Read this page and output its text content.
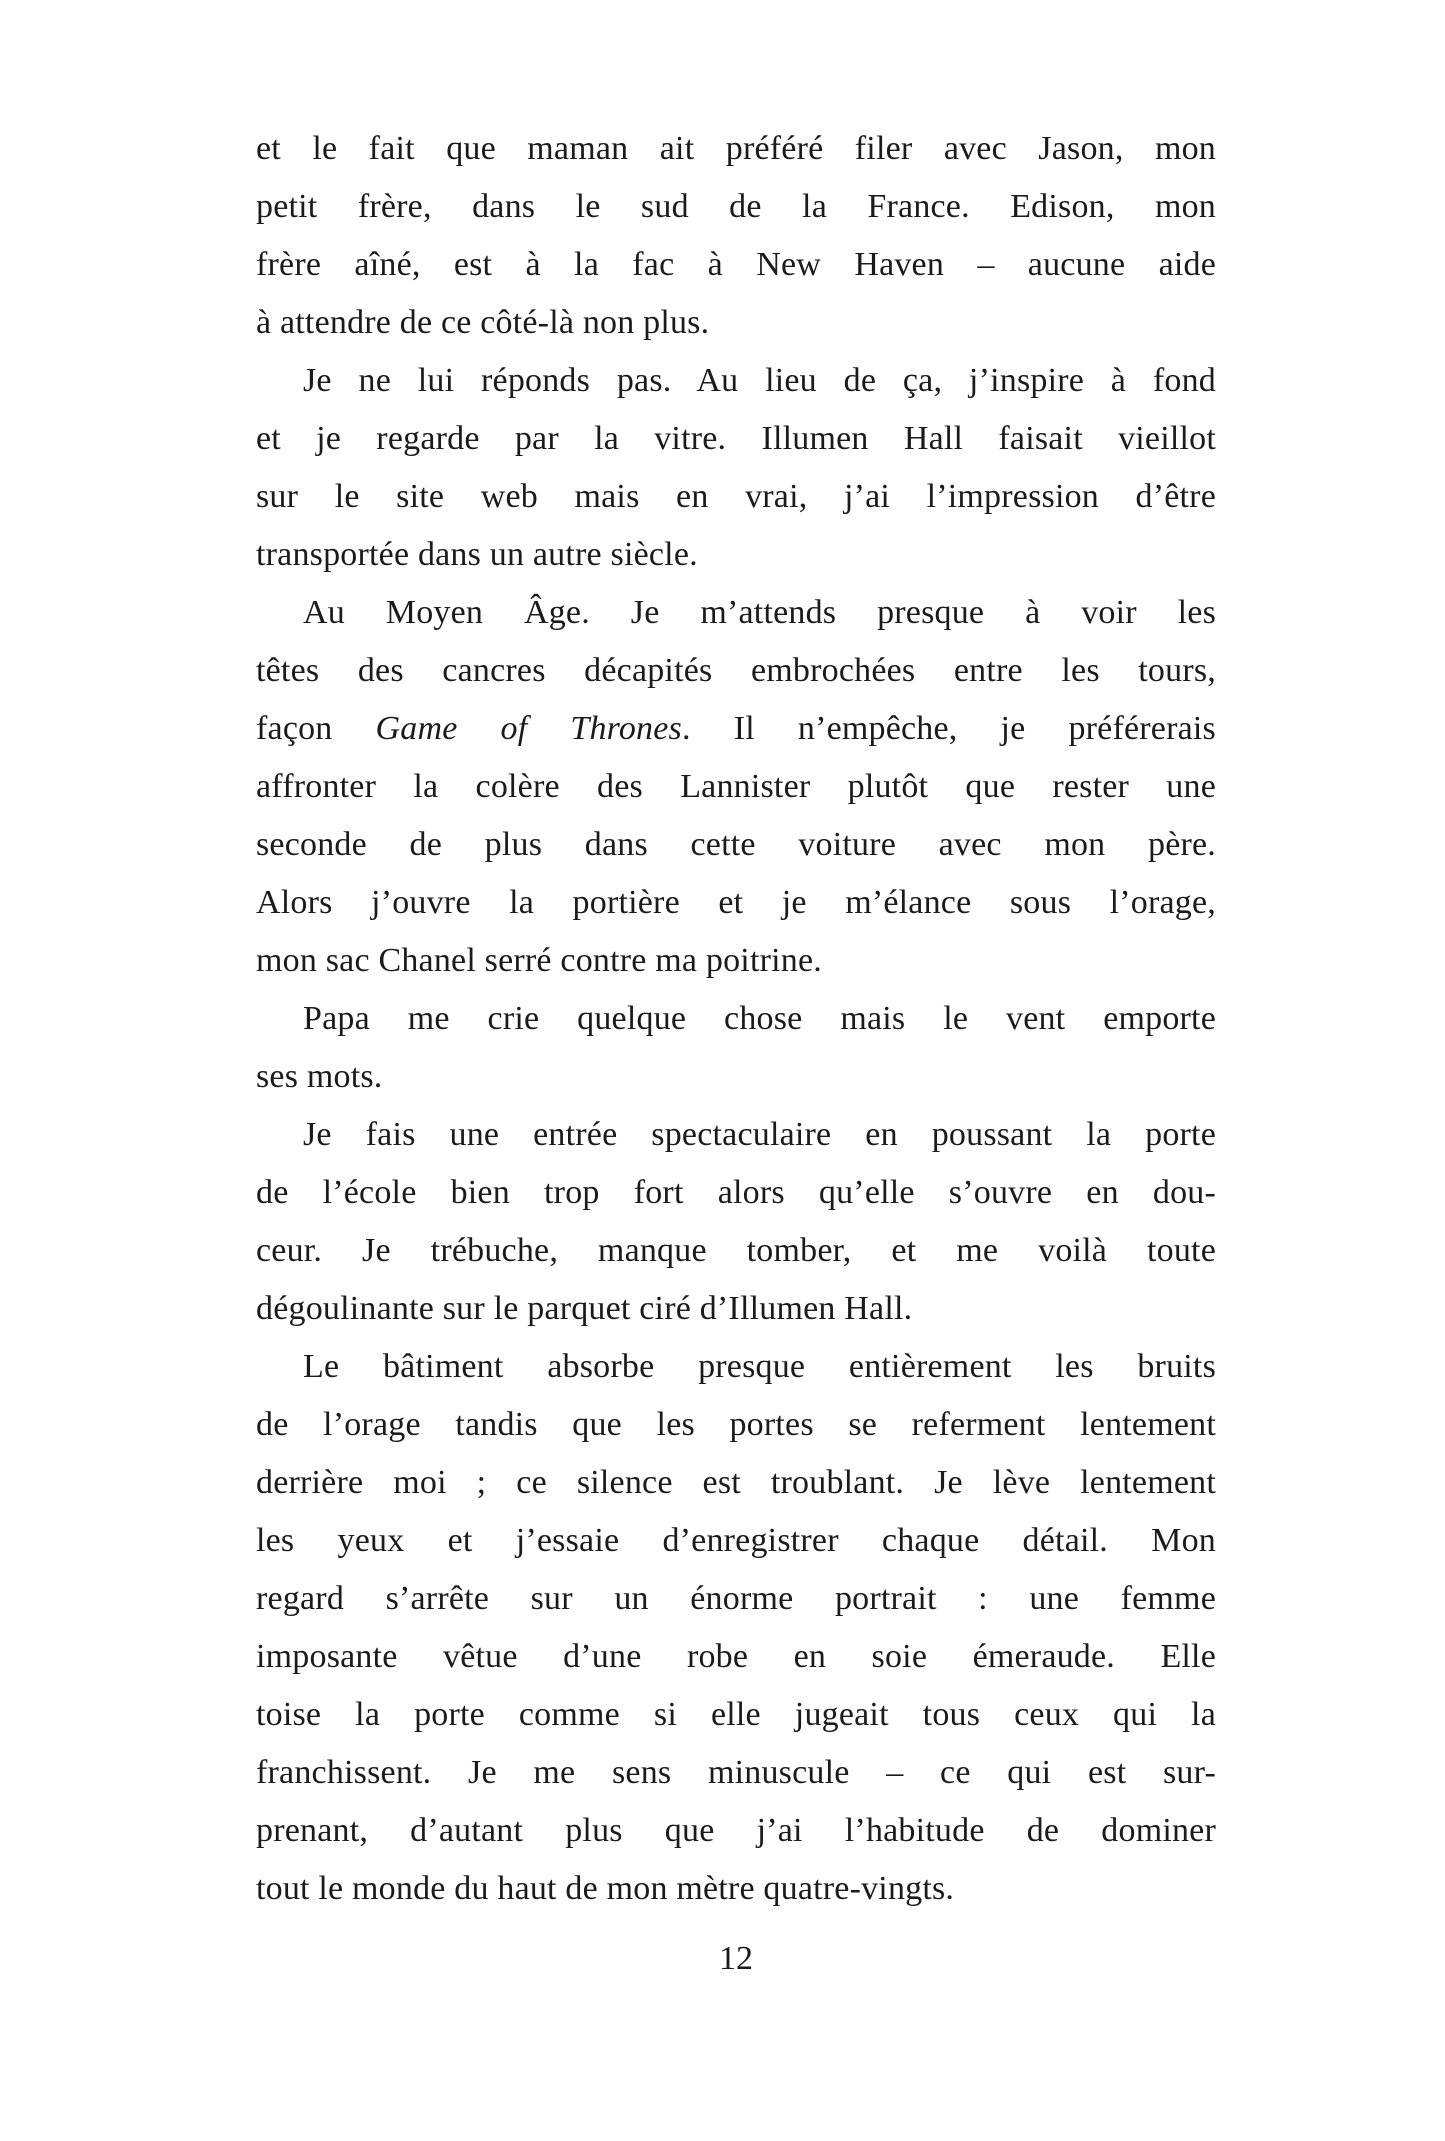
et le fait que maman ait préféré filer avec Jason, mon
petit frère, dans le sud de la France. Edison, mon
frère aîné, est à la fac à New Haven – aucune aide
à attendre de ce côté-là non plus.
Je ne lui réponds pas. Au lieu de ça, j’inspire à fond
et je regarde par la vitre. Illumen Hall faisait vieillot
sur le site web mais en vrai, j’ai l’impression d’être
transportée dans un autre siècle.
Au Moyen Âge. Je m’attends presque à voir les
têtes des cancres décapités embrochées entre les tours,
façon Game of Thrones. Il n’empêche, je préférerais
affronter la colère des Lannister plutôt que rester une
seconde de plus dans cette voiture avec mon père.
Alors j’ouvre la portière et je m’élance sous l’orage,
mon sac Chanel serré contre ma poitrine.
Papa me crie quelque chose mais le vent emporte
ses mots.
Je fais une entrée spectaculaire en poussant la porte
de l’école bien trop fort alors qu’elle s’ouvre en dou-
ceur. Je trébuche, manque tomber, et me voilà toute
dégoulinante sur le parquet ciré d’Illumen Hall.
Le bâtiment absorbe presque entièrement les bruits
de l’orage tandis que les portes se referment lentement
derrière moi ; ce silence est troublant. Je lève lentement
les yeux et j’essaie d’enregistrer chaque détail. Mon
regard s’arrête sur un énorme portrait : une femme
imposante vêtue d’une robe en soie émeraude. Elle
toise la porte comme si elle jugeait tous ceux qui la
franchissent. Je me sens minuscule – ce qui est sur-
prenant, d’autant plus que j’ai l’habitude de dominer
tout le monde du haut de mon mètre quatre-vingts.
12
